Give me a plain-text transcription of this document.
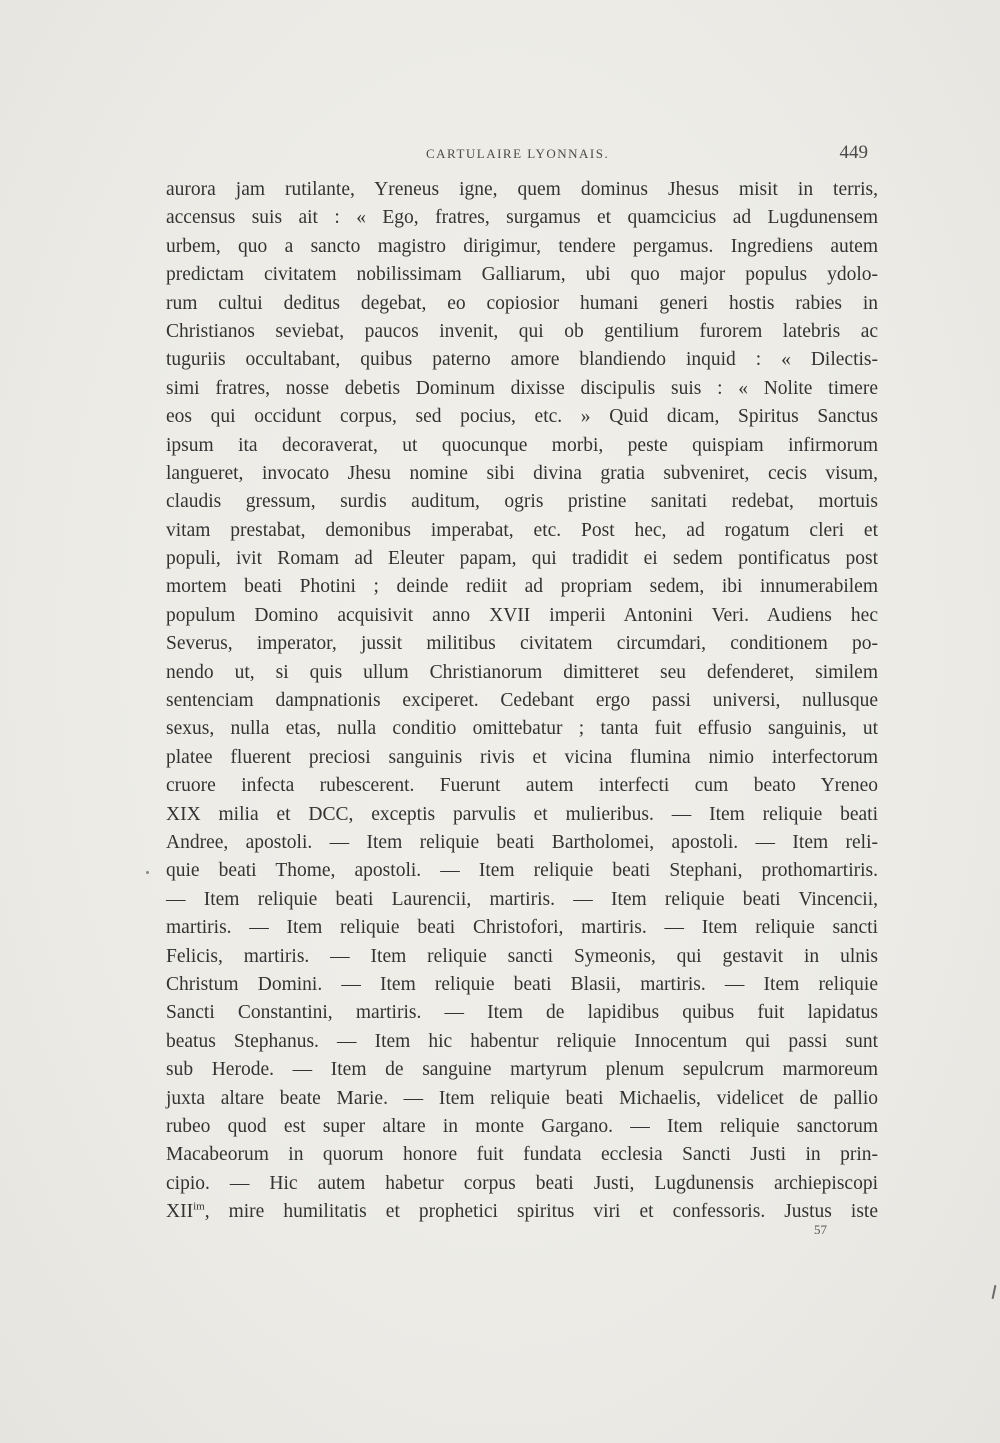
CARTULAIRE LYONNAIS.	449
aurora jam rutilante, Yreneus igne, quem dominus Jhesus misit in terris,
accensus suis ait : « Ego, fratres, surgamus et quamcicius ad Lugdunensem
urbem, quo a sancto magistro dirigimur, tendere pergamus. Ingrediens autem
predictam civitatem nobilissimam Galliarum, ubi quo major populus ydolo-
rum cultui deditus degebat, eo copiosior humani generi hostis rabies in
Christianos seviebat, paucos invenit, qui ob gentilium furorem latebris ac
tuguriis occultabant, quibus paterno amore blandiendo inquid : « Dilectis-
simi fratres, nosse debetis Dominum dixisse discipulis suis : « Nolite timere
eos qui occidunt corpus, sed pocius, etc. » Quid dicam, Spiritus Sanctus
ipsum ita decoraverat, ut quocunque morbi, peste quispiam infirmorum
langueret, invocato Jhesu nomine sibi divina gratia subveniret, cecis visum,
claudis gressum, surdis auditum, ogris pristine sanitati redebat, mortuis
vitam prestabat, demonibus imperabat, etc. Post hec, ad rogatum cleri et
populi, ivit Romam ad Eleuter papam, qui tradidit ei sedem pontificatus post
mortem beati Photini ; deinde rediit ad propriam sedem, ibi innumerabilem
populum Domino acquisivit anno XVII imperii Antonini Veri. Audiens hec
Severus, imperator, jussit militibus civitatem circumdari, conditionem po-
nendo ut, si quis ullum Christianorum dimitteret seu defenderet, similem
sentenciam dampnationis exciperet. Cedebant ergo passi universi, nullusque
sexus, nulla etas, nulla conditio omittebatur ; tanta fuit effusio sanguinis, ut
platee fluerent preciosi sanguinis rivis et vicina flumina nimio interfectorum
cruore infecta rubescerent. Fuerunt autem interfecti cum beato Yreneo
XIX milia et DCC, exceptis parvulis et mulieribus. — Item reliquie beati
Andree, apostoli. — Item reliquie beati Bartholomei, apostoli. — Item reli-
quie beati Thome, apostoli. — Item reliquie beati Stephani, prothomartiris.
— Item reliquie beati Laurencii, martiris. — Item reliquie beati Vincencii,
martiris. — Item reliquie beati Christofori, martiris. — Item reliquie sancti
Felicis, martiris. — Item reliquie sancti Symeonis, qui gestavit in ulnis
Christum Domini. — Item reliquie beati Blasii, martiris. — Item reliquie
Sancti Constantini, martiris. — Item de lapidibus quibus fuit lapidatus
beatus Stephanus. — Item hic habentur reliquie Innocentum qui passi sunt
sub Herode. — Item de sanguine martyrum plenum sepulcrum marmoreum
juxta altare beate Marie. — Item reliquie beati Michaelis, videlicet de pallio
rubeo quod est super altare in monte Gargano. — Item reliquie sanctorum
Macabeorum in quorum honore fuit fundata ecclesia Sancti Justi in prin-
cipio. — Hic autem habetur corpus beati Justi, Lugdunensis archiepiscopi
$XII^{im}$, mire humilitatis et prophetici spiritus viri et confessoris. Justus iste
57
